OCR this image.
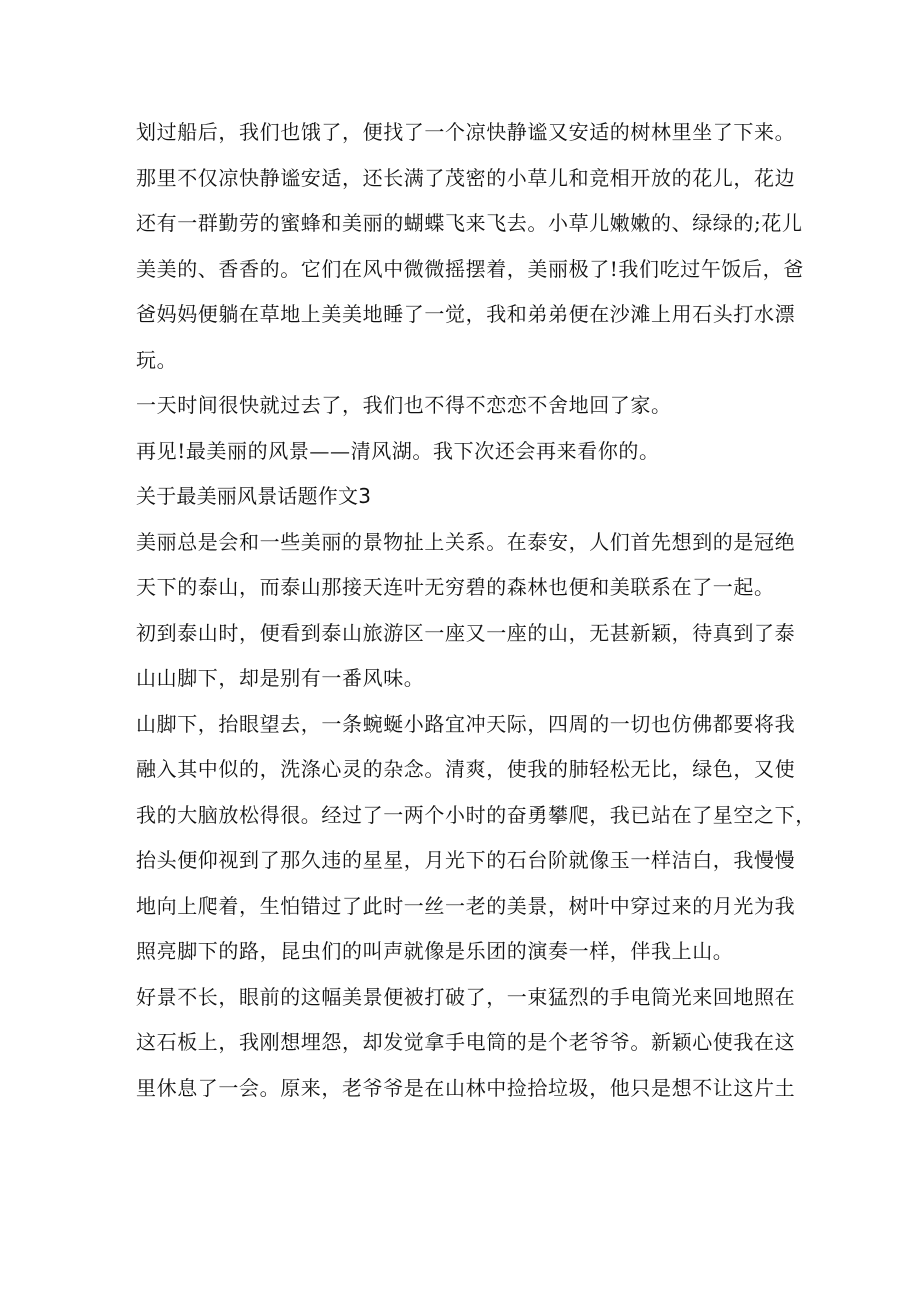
划过船后，我们也饿了，便找了一个凉快静谧又安适的树林里坐了下来。

那里不仅凉快静谧安适，还长满了茂密的小草儿和竞相开放的花儿，花边
还有一群勤劳的蜜蜂和美丽的蝴蝶飞来飞去。小草儿嫩嫩的、绿绿的;花儿
美美的、香香的。它们在风中微微摇摆着，美丽极了!我们吃过午饭后，爸
爸妈妈便躺在草地上美美地睡了一觉，我和弟弟便在沙滩上用石头打水漂
玩。

一天时间很快就过去了，我们也不得不恋恋不舍地回了家。

再见!最美丽的风景——清风湖。我下次还会再来看你的。

关于最美丽风景话题作文3

美丽总是会和一些美丽的景物扯上关系。在泰安，人们首先想到的是冠绝
天下的泰山，而泰山那接天连叶无穷碧的森林也便和美联系在了一起。

初到泰山时，便看到泰山旅游区一座又一座的山，无甚新颖，待真到了泰
山山脚下，却是别有一番风味。

山脚下，抬眼望去，一条蜿蜒小路宜冲天际，四周的一切也仿佛都要将我
融入其中似的，洗涤心灵的杂念。清爽，使我的肺轻松无比，绿色，又使
我的大脑放松得很。经过了一两个小时的奋勇攀爬，我已站在了星空之下，
抬头便仰视到了那久违的星星，月光下的石台阶就像玉一样洁白，我慢慢
地向上爬着，生怕错过了此时一丝一老的美景，树叶中穿过来的月光为我
照亮脚下的路，昆虫们的叫声就像是乐团的演奏一样，伴我上山。

好景不长，眼前的这幅美景便被打破了，一束猛烈的手电筒光来回地照在
这石板上，我刚想埋怨，却发觉拿手电筒的是个老爷爷。新颖心使我在这
里休息了一会。原来，老爷爷是在山林中捡拾垃圾，他只是想不让这片土
